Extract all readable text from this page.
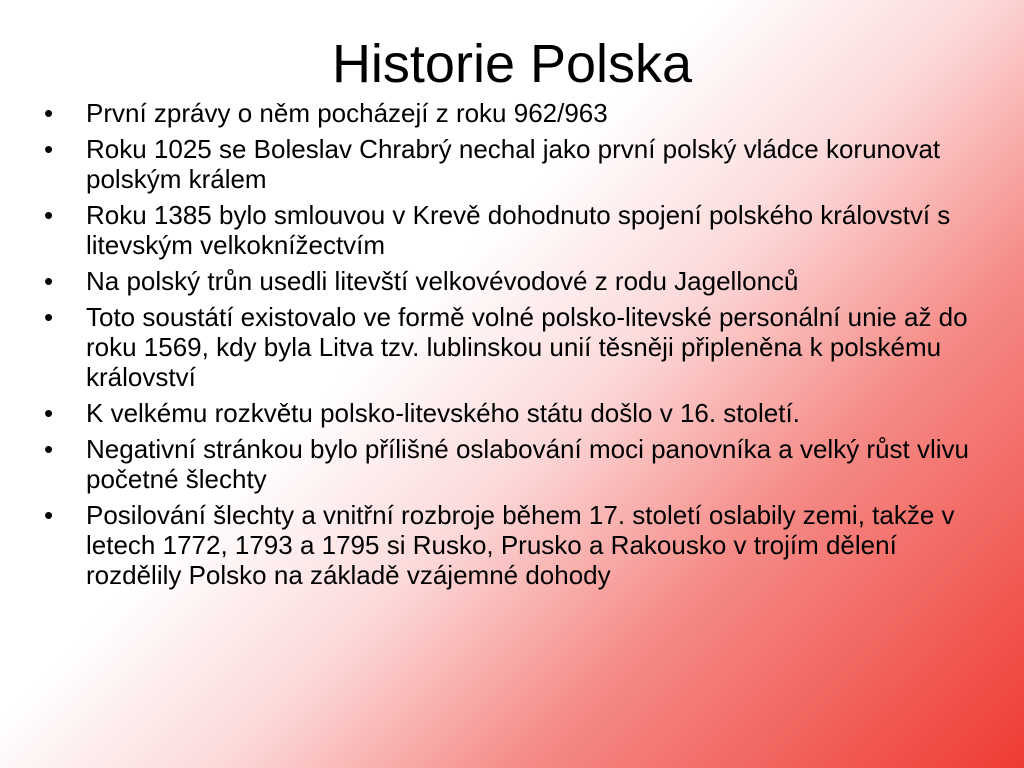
Historie Polska
•	První zprávy o něm pocházejí z roku 962/963
•	Roku 1025 se Boleslav Chrabrý nechal jako první polský vládce korunovat polským králem
•	Roku 1385 bylo smlouvou v Krevě dohodnuto spojení polského království s litevským velkoknížectvím
•	Na polský trůn usedli litevští velkovévodové z rodu Jagellonců
•	Toto soustátí existovalo ve formě volné polsko-litevské personální unie až do roku 1569, kdy byla Litva tzv. lublinskou unií těsněji připleněna k polskému království
•	K velkému rozkvětu polsko-litevského státu došlo v 16. století.
•	Negativní stránkou bylo přílišné oslabování moci panovníka a velký růst vlivu početné šlechty
•	Posilování šlechty a vnitřní rozbroje během 17. století oslabily zemi, takže v letech 1772, 1793 a 1795 si Rusko, Prusko a Rakousko v trojím dělení rozdělily Polsko na základě vzájemné dohody
